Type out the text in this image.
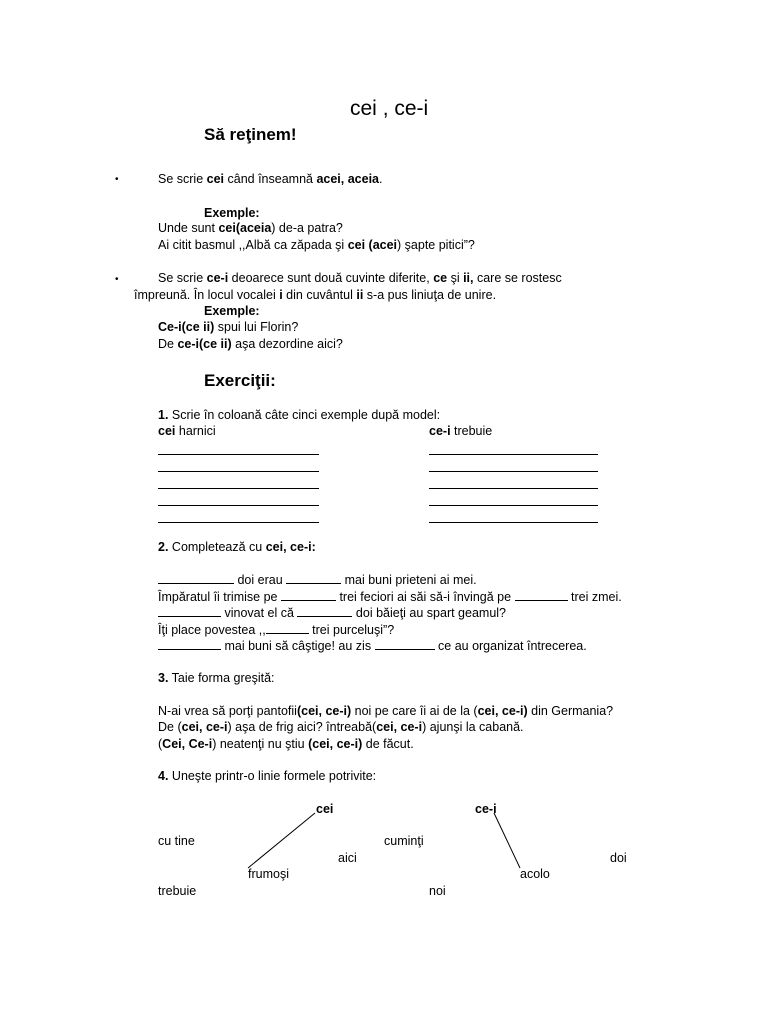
cei , ce-i
Să reţinem!
•	Se scrie cei când înseamnă acei, aceia.
Exemple:
Unde sunt cei(aceia) de-a patra?
Ai citit basmul ,,Albă ca zăpada şi cei (acei) şapte pitici”?
•	Se scrie ce-i deoarece sunt două cuvinte diferite, ce şi ii, care se rostesc
împreună. În locul vocalei i din cuvântul ii s-a pus liniuţa de unire.
Exemple:
Ce-i(ce ii) spui lui Florin?
De ce-i(ce ii) aşa dezordine aici?
Exerciţii:
1. Scrie în coloană câte cinci exemple după model:
cei harnici	ce-i trebuie
2. Completează cu cei, ce-i:
doi erau	mai buni prieteni ai mei.
Împăratul îi trimise pe	trei feciori ai săi să-i învingă pe	trei zmei.
vinovat el că	doi băieţi au spart geamul?
Îţi place povestea ,,	trei purceluşi”?
mai buni să câştige! au zis	ce au organizat întrecerea.
3. Taie forma greşită:
N-ai vrea să porţi pantofii(cei, ce-i) noi pe care îi ai de la (cei, ce-i) din Germania?
De (cei, ce-i) aşa de frig aici? întreabă(cei, ce-i) ajunşi la cabană.
(Cei, Ce-i) neatenţi nu ştiu (cei, ce-i) de făcut.
4. Uneşte printr-o linie formele potrivite:
cei	ce-i
cu tine	cuminţi
aici	doi
frumoşi	acolo
trebuie	noi
